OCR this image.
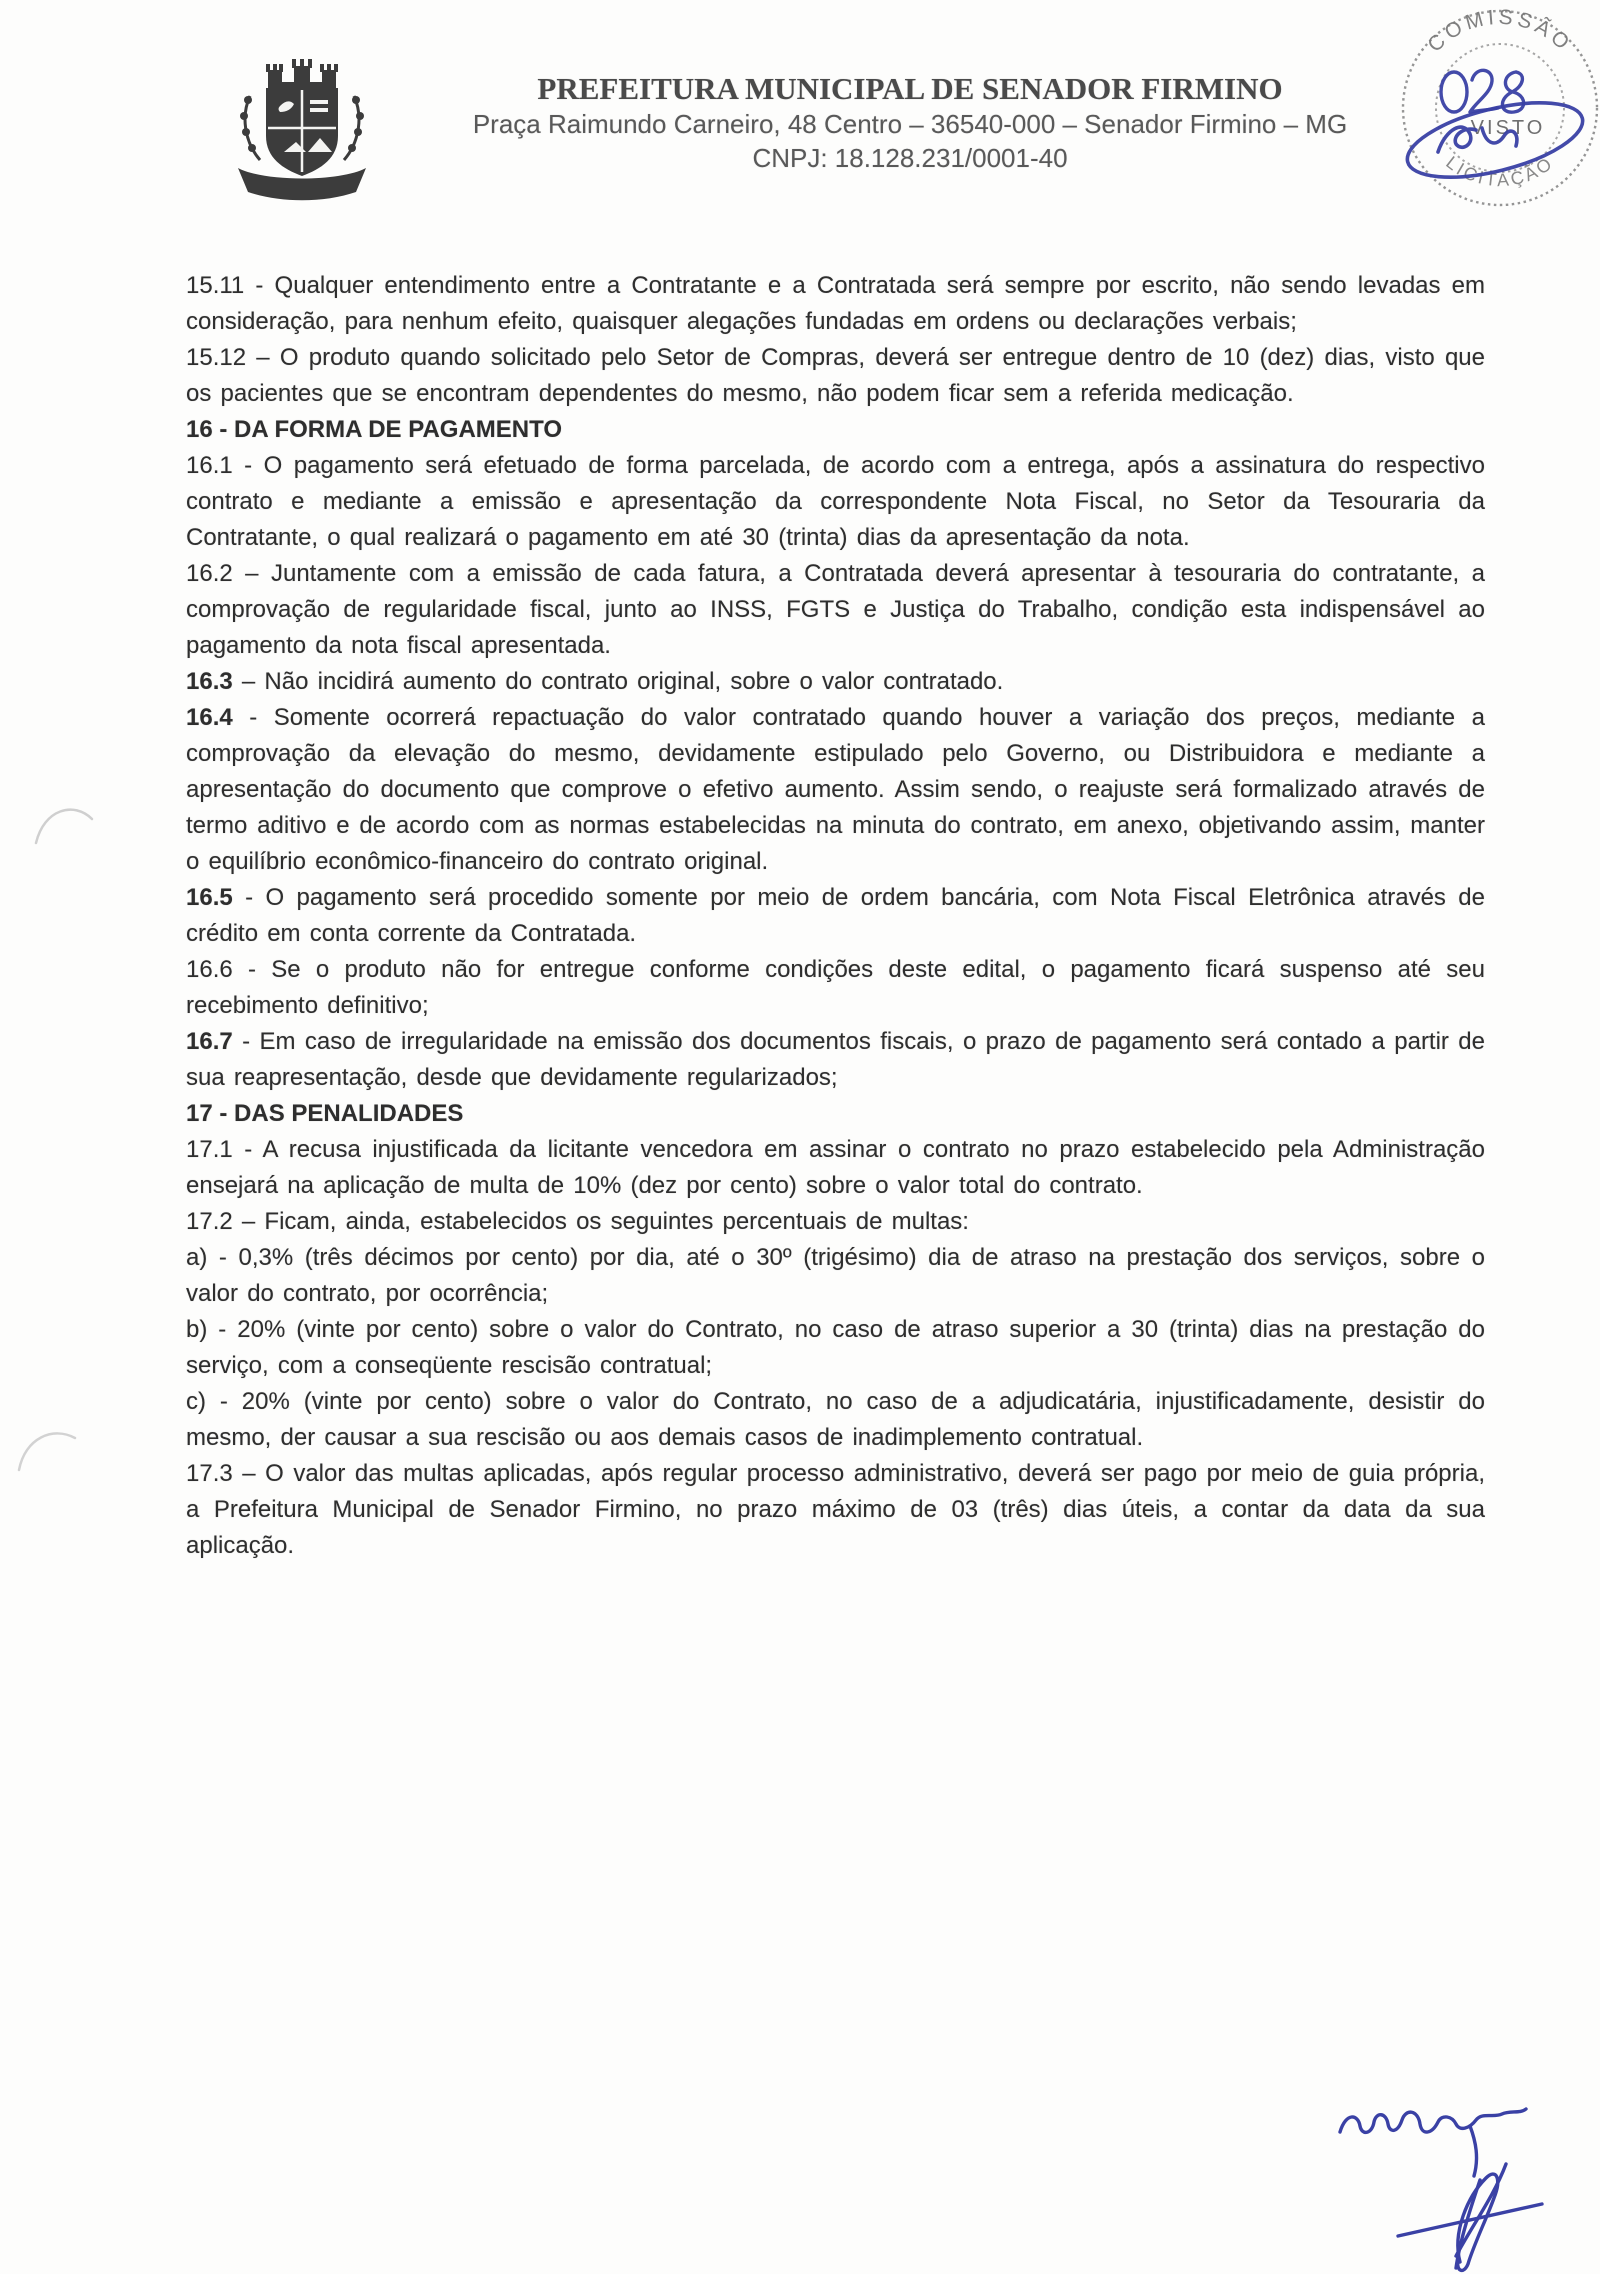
PREFEITURA MUNICIPAL DE SENADOR FIRMINO

Praça Raimundo Carneiro, 48 Centro – 36540-000 – Senador Firmino – MG

CNPJ: 18.128.231/0001-40

COMISSÃO
LICITAÇÃO
VISTO

15.11 - Qualquer entendimento entre a Contratante e a Contratada será sempre por escrito, não sendo levadas em consideração, para nenhum efeito, quaisquer alegações fundadas em ordens ou declarações verbais;

15.12 – O produto quando solicitado pelo Setor de Compras, deverá ser entregue dentro de 10 (dez) dias, visto que os pacientes que se encontram dependentes do mesmo, não podem ficar sem a referida medicação.

16 - DA FORMA DE PAGAMENTO

16.1 - O pagamento será efetuado de forma parcelada, de acordo com a entrega, após a assinatura do respectivo contrato e mediante a emissão e apresentação da correspondente Nota Fiscal, no Setor da Tesouraria da Contratante, o qual realizará o pagamento em até 30 (trinta) dias da apresentação da nota.

16.2 – Juntamente com a emissão de cada fatura, a Contratada deverá apresentar à tesouraria do contratante, a comprovação de regularidade fiscal, junto ao INSS, FGTS e Justiça do Trabalho, condição esta indispensável ao pagamento da nota fiscal apresentada.

16.3 – Não incidirá aumento do contrato original, sobre o valor contratado.

16.4 - Somente ocorrerá repactuação do valor contratado quando houver a variação dos preços, mediante a comprovação da elevação do mesmo, devidamente estipulado pelo Governo, ou Distribuidora e mediante a apresentação do documento que comprove o efetivo aumento. Assim sendo, o reajuste será formalizado através de termo aditivo e de acordo com as normas estabelecidas na minuta do contrato, em anexo, objetivando assim, manter o equilíbrio econômico-financeiro do contrato original.

16.5 - O pagamento será procedido somente por meio de ordem bancária, com Nota Fiscal Eletrônica através de crédito em conta corrente da Contratada.

16.6 - Se o produto não for entregue conforme condições deste edital, o pagamento ficará suspenso até seu recebimento definitivo;

16.7 - Em caso de irregularidade na emissão dos documentos fiscais, o prazo de pagamento será contado a partir de sua reapresentação, desde que devidamente regularizados;

17 - DAS PENALIDADES

17.1 - A recusa injustificada da licitante vencedora em assinar o contrato no prazo estabelecido pela Administração ensejará na aplicação de multa de 10% (dez por cento) sobre o valor total do contrato.

17.2 – Ficam, ainda, estabelecidos os seguintes percentuais de multas:

a) - 0,3% (três décimos por cento) por dia, até o 30º (trigésimo) dia de atraso na prestação dos serviços, sobre o valor do contrato, por ocorrência;

b) - 20% (vinte por cento) sobre o valor do Contrato, no caso de atraso superior a 30 (trinta) dias na prestação do serviço, com a conseqüente rescisão contratual;

c) - 20% (vinte por cento) sobre o valor do Contrato, no caso de a adjudicatária, injustificadamente, desistir do mesmo, der causar a sua rescisão ou aos demais casos de inadimplemento contratual.

17.3 – O valor das multas aplicadas, após regular processo administrativo, deverá ser pago por meio de guia própria, a Prefeitura Municipal de Senador Firmino, no prazo máximo de 03 (três) dias úteis, a contar da data da sua aplicação.
